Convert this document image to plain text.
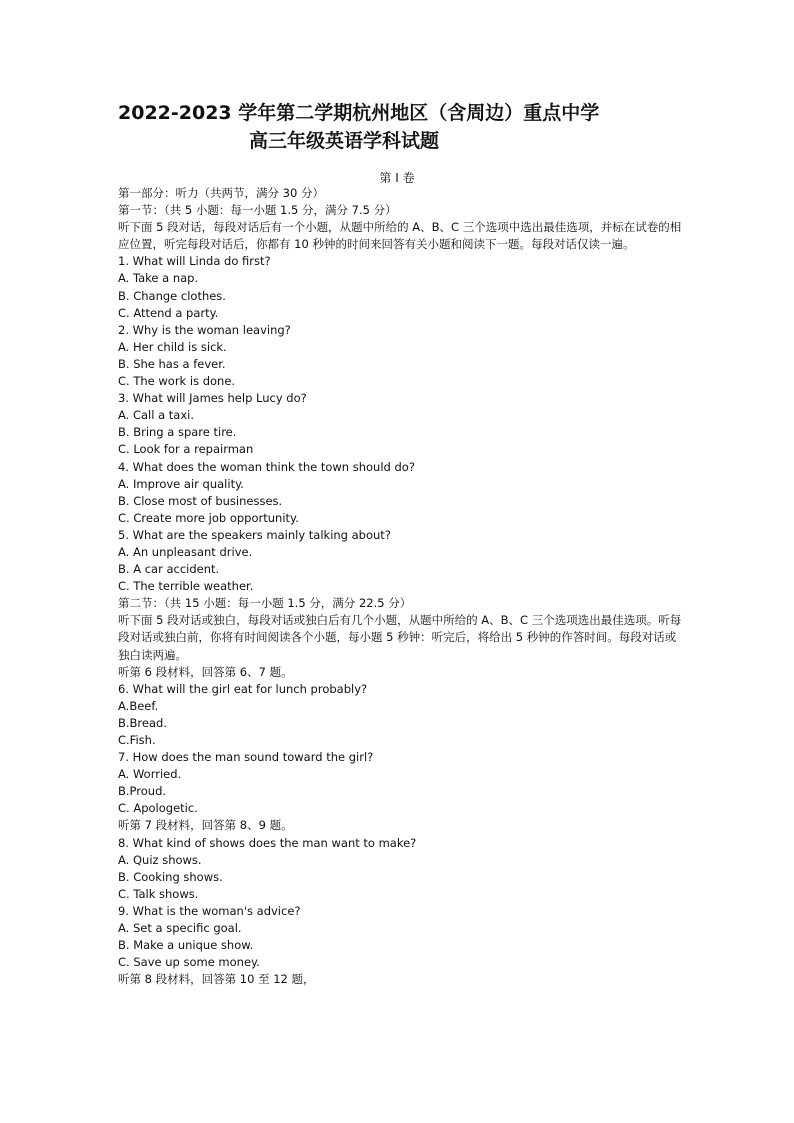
2022-2023 学年第二学期杭州地区（含周边）重点中学
高三年级英语学科试题
第 I 卷
第一部分：听力（共两节，满分 30 分）
第一节：（共 5 小题：每一小题 1.5 分，满分 7.5 分）
听下面 5 段对话，每段对话后有一个小题，从题中所给的 A、B、C 三个选项中选出最佳选项，并标在试卷的相应位置，听完每段对话后，你都有 10 秒钟的时间来回答有关小题和阅读下一题。每段对话仅读一遍。
1. What will Linda do first?
A. Take a nap.
B. Change clothes.
C. Attend a party.
2. Why is the woman leaving?
A. Her child is sick.
B. She has a fever.
C. The work is done.
3. What will James help Lucy do?
A. Call a taxi.
B. Bring a spare tire.
C. Look for a repairman
4. What does the woman think the town should do?
A. Improve air quality.
B. Close most of businesses.
C. Create more job opportunity.
5. What are the speakers mainly talking about?
A. An unpleasant drive.
B. A car accident.
C. The terrible weather.
第二节：（共 15 小题：每一小题 1.5 分，满分 22.5 分）
听下面 5 段对话或独白，每段对话或独白后有几个小题，从题中所给的 A、B、C 三个选项选出最佳选项。听每段对话或独白前，你将有时间阅读各个小题，每小题 5 秒钟：听完后，将给出 5 秒钟的作答时间。每段对话或独白读两遍。
听第 6 段材料，回答第 6、7 题。
6. What will the girl eat for lunch probably?
A.Beef.
B.Bread.
C.Fish.
7. How does the man sound toward the girl?
A. Worried.
B.Proud.
C. Apologetic.
听第 7 段材料，回答第 8、9 题。
8. What kind of shows does the man want to make?
A. Quiz shows.
B. Cooking shows.
C. Talk shows.
9. What is the woman's advice?
A. Set a specific goal.
B. Make a unique show.
C. Save up some money.
听第 8 段材料，回答第 10 至 12 题，
